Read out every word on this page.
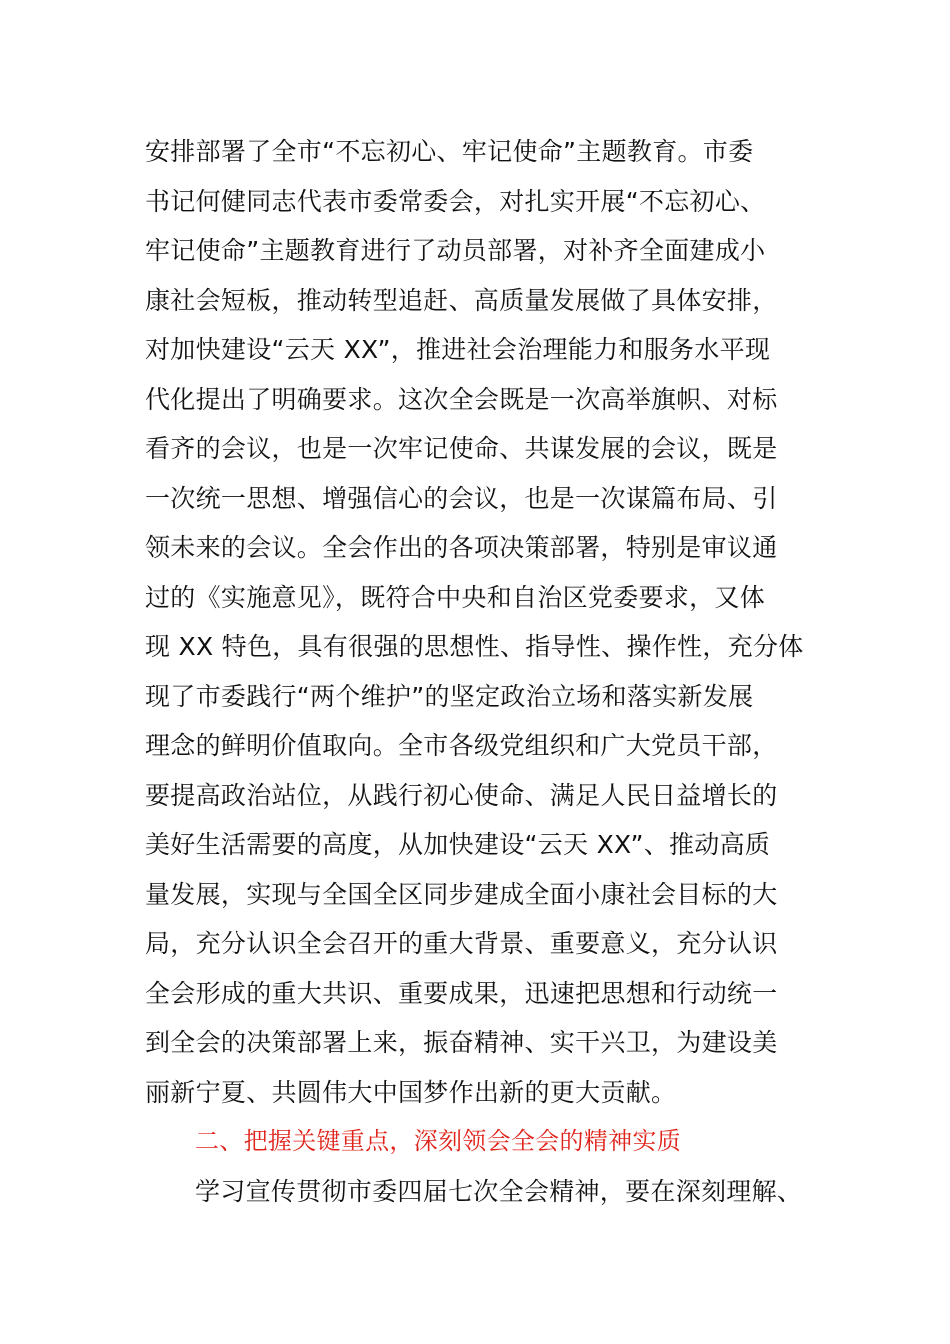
安排部署了全市“不忘初心、牢记使命”主题教育。市委
书记何健同志代表市委常委会，对扎实开展“不忘初心、
牢记使命”主题教育进行了动员部署，对补齐全面建成小
康社会短板，推动转型追赶、高质量发展做了具体安排，
对加快建设“云天 XX”，推进社会治理能力和服务水平现
代化提出了明确要求。这次全会既是一次高举旗帜、对标
看齐的会议，也是一次牢记使命、共谋发展的会议，既是
一次统一思想、增强信心的会议，也是一次谋篇布局、引
领未来的会议。全会作出的各项决策部署，特别是审议通
过的《实施意见》，既符合中央和自治区党委要求，又体
现 XX 特色，具有很强的思想性、指导性、操作性，充分体
现了市委践行“两个维护”的坚定政治立场和落实新发展
理念的鲜明价值取向。全市各级党组织和广大党员干部，
要提高政治站位，从践行初心使命、满足人民日益增长的
美好生活需要的高度，从加快建设“云天 XX”、推动高质
量发展，实现与全国全区同步建成全面小康社会目标的大
局，充分认识全会召开的重大背景、重要意义，充分认识
全会形成的重大共识、重要成果，迅速把思想和行动统一
到全会的决策部署上来，振奋精神、实干兴卫，为建设美
丽新宁夏、共圆伟大中国梦作出新的更大贡献。
二、把握关键重点，深刻领会全会的精神实质
学习宣传贯彻市委四届七次全会精神，要在深刻理解、
